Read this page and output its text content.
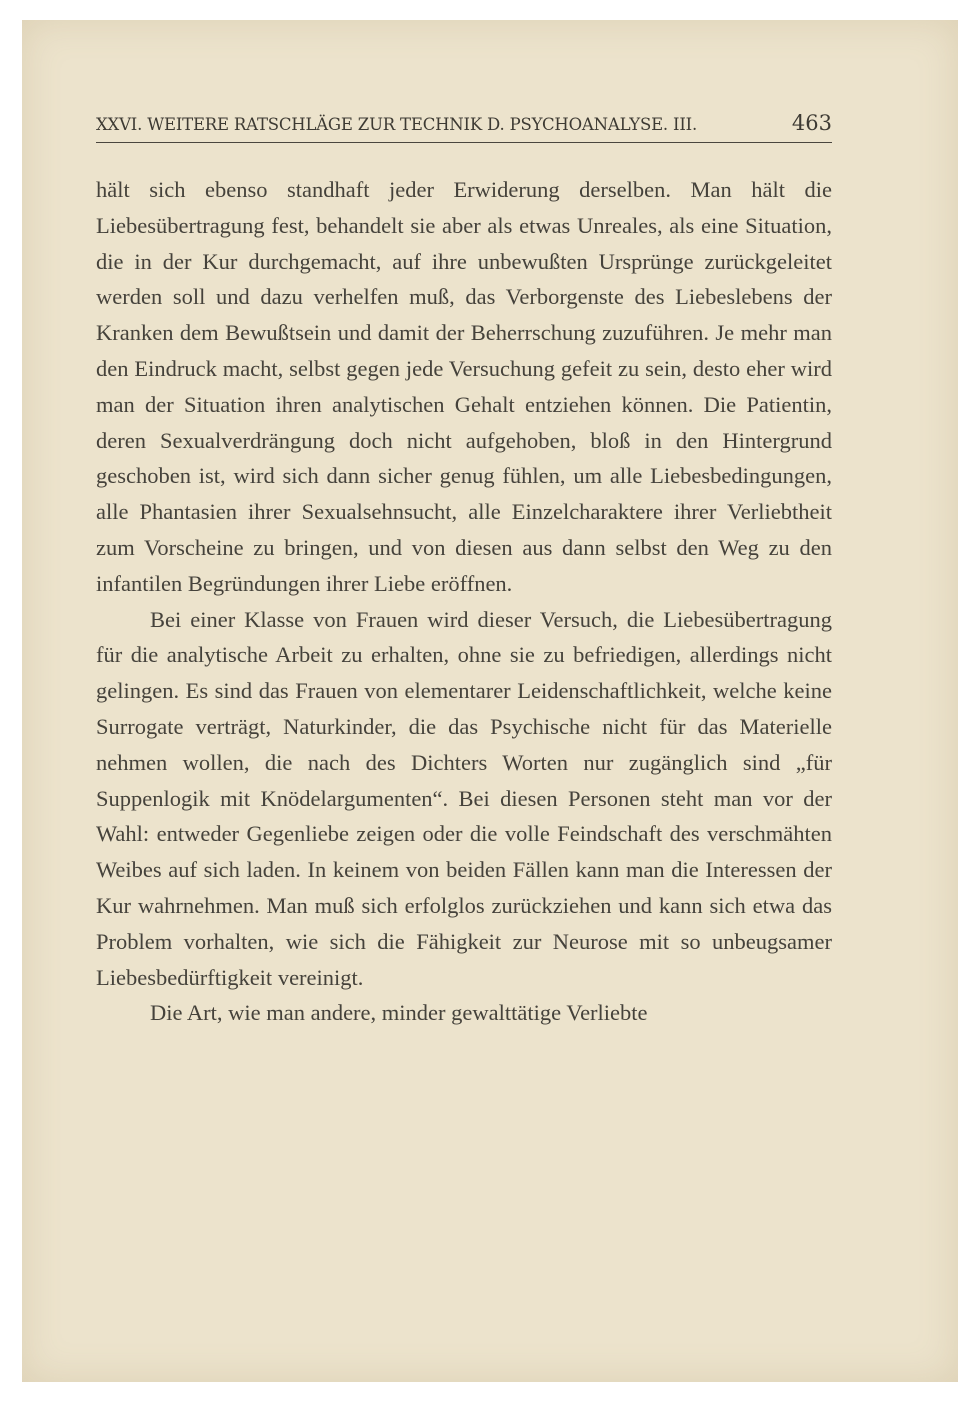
XXVI. WEITERE RATSCHLÄGE ZUR TECHNIK D. PSYCHOANALYSE. III.	463

hält sich ebenso standhaft jeder Erwiderung derselben. Man hält die Liebesübertragung fest, behandelt sie aber als etwas Unreales, als eine Situation, die in der Kur durchgemacht, auf ihre unbewußten Ursprünge zurückgeleitet werden soll und dazu verhelfen muß, das Verborgenste des Liebeslebens der Kranken dem Bewußtsein und damit der Beherrschung zuzuführen. Je mehr man den Eindruck macht, selbst gegen jede Versuchung gefeit zu sein, desto eher wird man der Situation ihren analytischen Gehalt entziehen können. Die Patientin, deren Sexualverdrängung doch nicht aufgehoben, bloß in den Hintergrund geschoben ist, wird sich dann sicher genug fühlen, um alle Liebesbedingungen, alle Phantasien ihrer Sexualsehnsucht, alle Einzelcharaktere ihrer Verliebtheit zum Vorscheine zu bringen, und von diesen aus dann selbst den Weg zu den infantilen Begründungen ihrer Liebe eröffnen.

Bei einer Klasse von Frauen wird dieser Versuch, die Liebesübertragung für die analytische Arbeit zu erhalten, ohne sie zu befriedigen, allerdings nicht gelingen. Es sind das Frauen von elementarer Leidenschaftlichkeit, welche keine Surrogate verträgt, Naturkinder, die das Psychische nicht für das Materielle nehmen wollen, die nach des Dichters Worten nur zugänglich sind „für Suppenlogik mit Knödelargumenten“. Bei diesen Personen steht man vor der Wahl: entweder Gegenliebe zeigen oder die volle Feindschaft des verschmähten Weibes auf sich laden. In keinem von beiden Fällen kann man die Interessen der Kur wahrnehmen. Man muß sich erfolglos zurückziehen und kann sich etwa das Problem vorhalten, wie sich die Fähigkeit zur Neurose mit so unbeugsamer Liebesbedürftigkeit vereinigt.

Die Art, wie man andere, minder gewalttätige Verliebte
